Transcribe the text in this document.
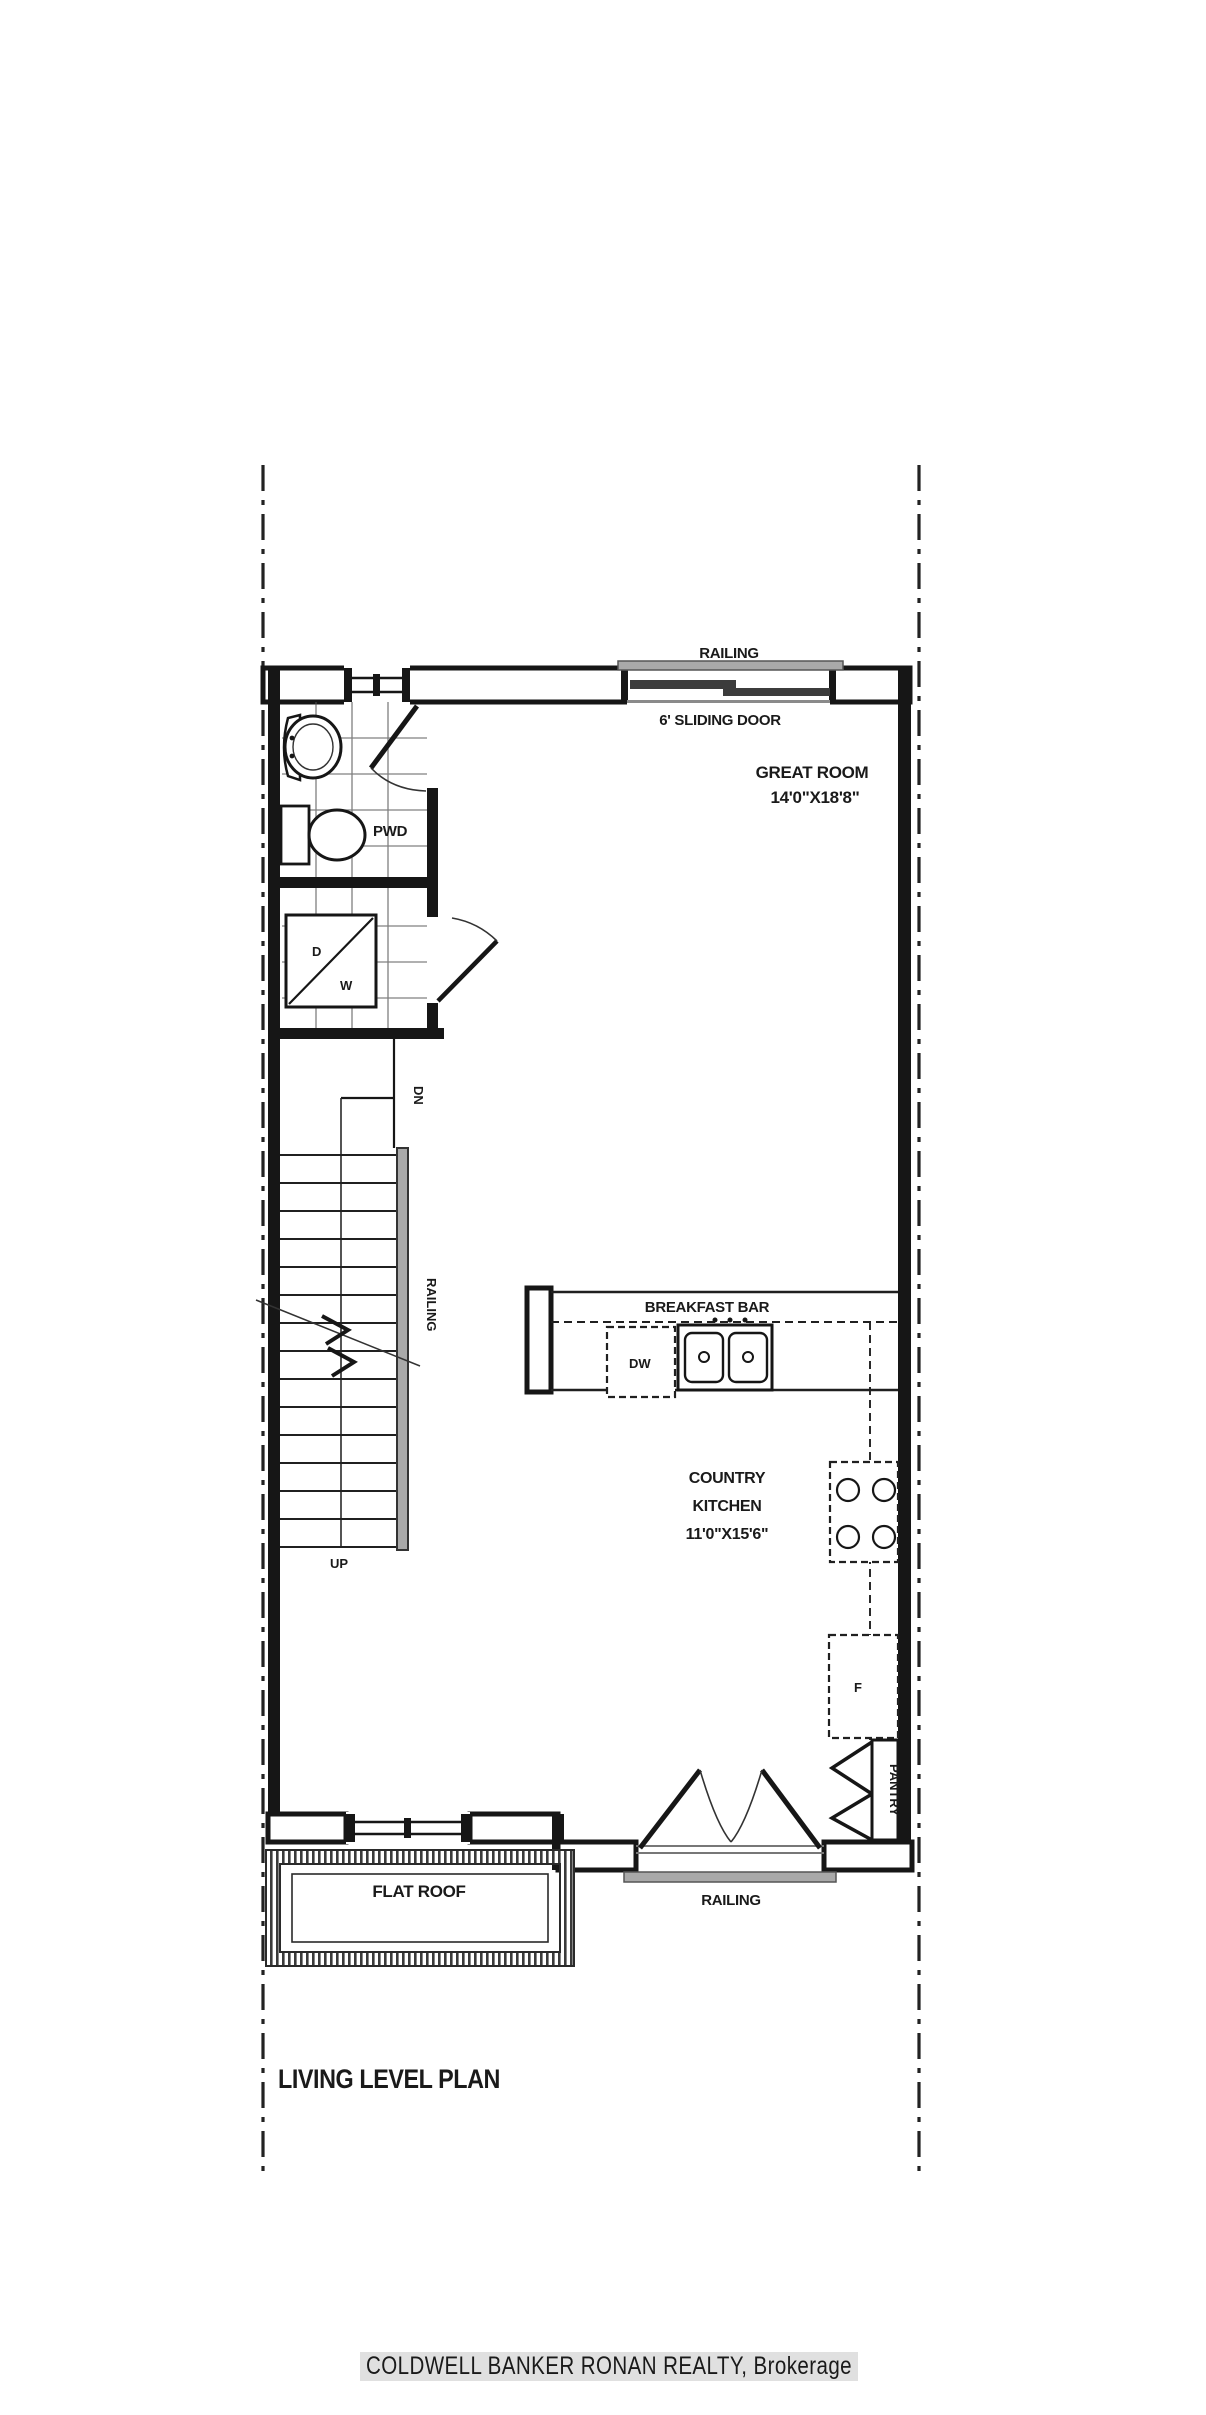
RAILING
6' SLIDING DOOR
PWD
D
W
DN
RAILING
UP
GREAT ROOM
14'0"X18'8"
BREAKFAST BAR
DW
COUNTRY
KITCHEN
11'0"X15'6"
F
PANTRY
RAILING
FLAT ROOF
LIVING LEVEL PLAN
COLDWELL BANKER RONAN REALTY, Brokerage
